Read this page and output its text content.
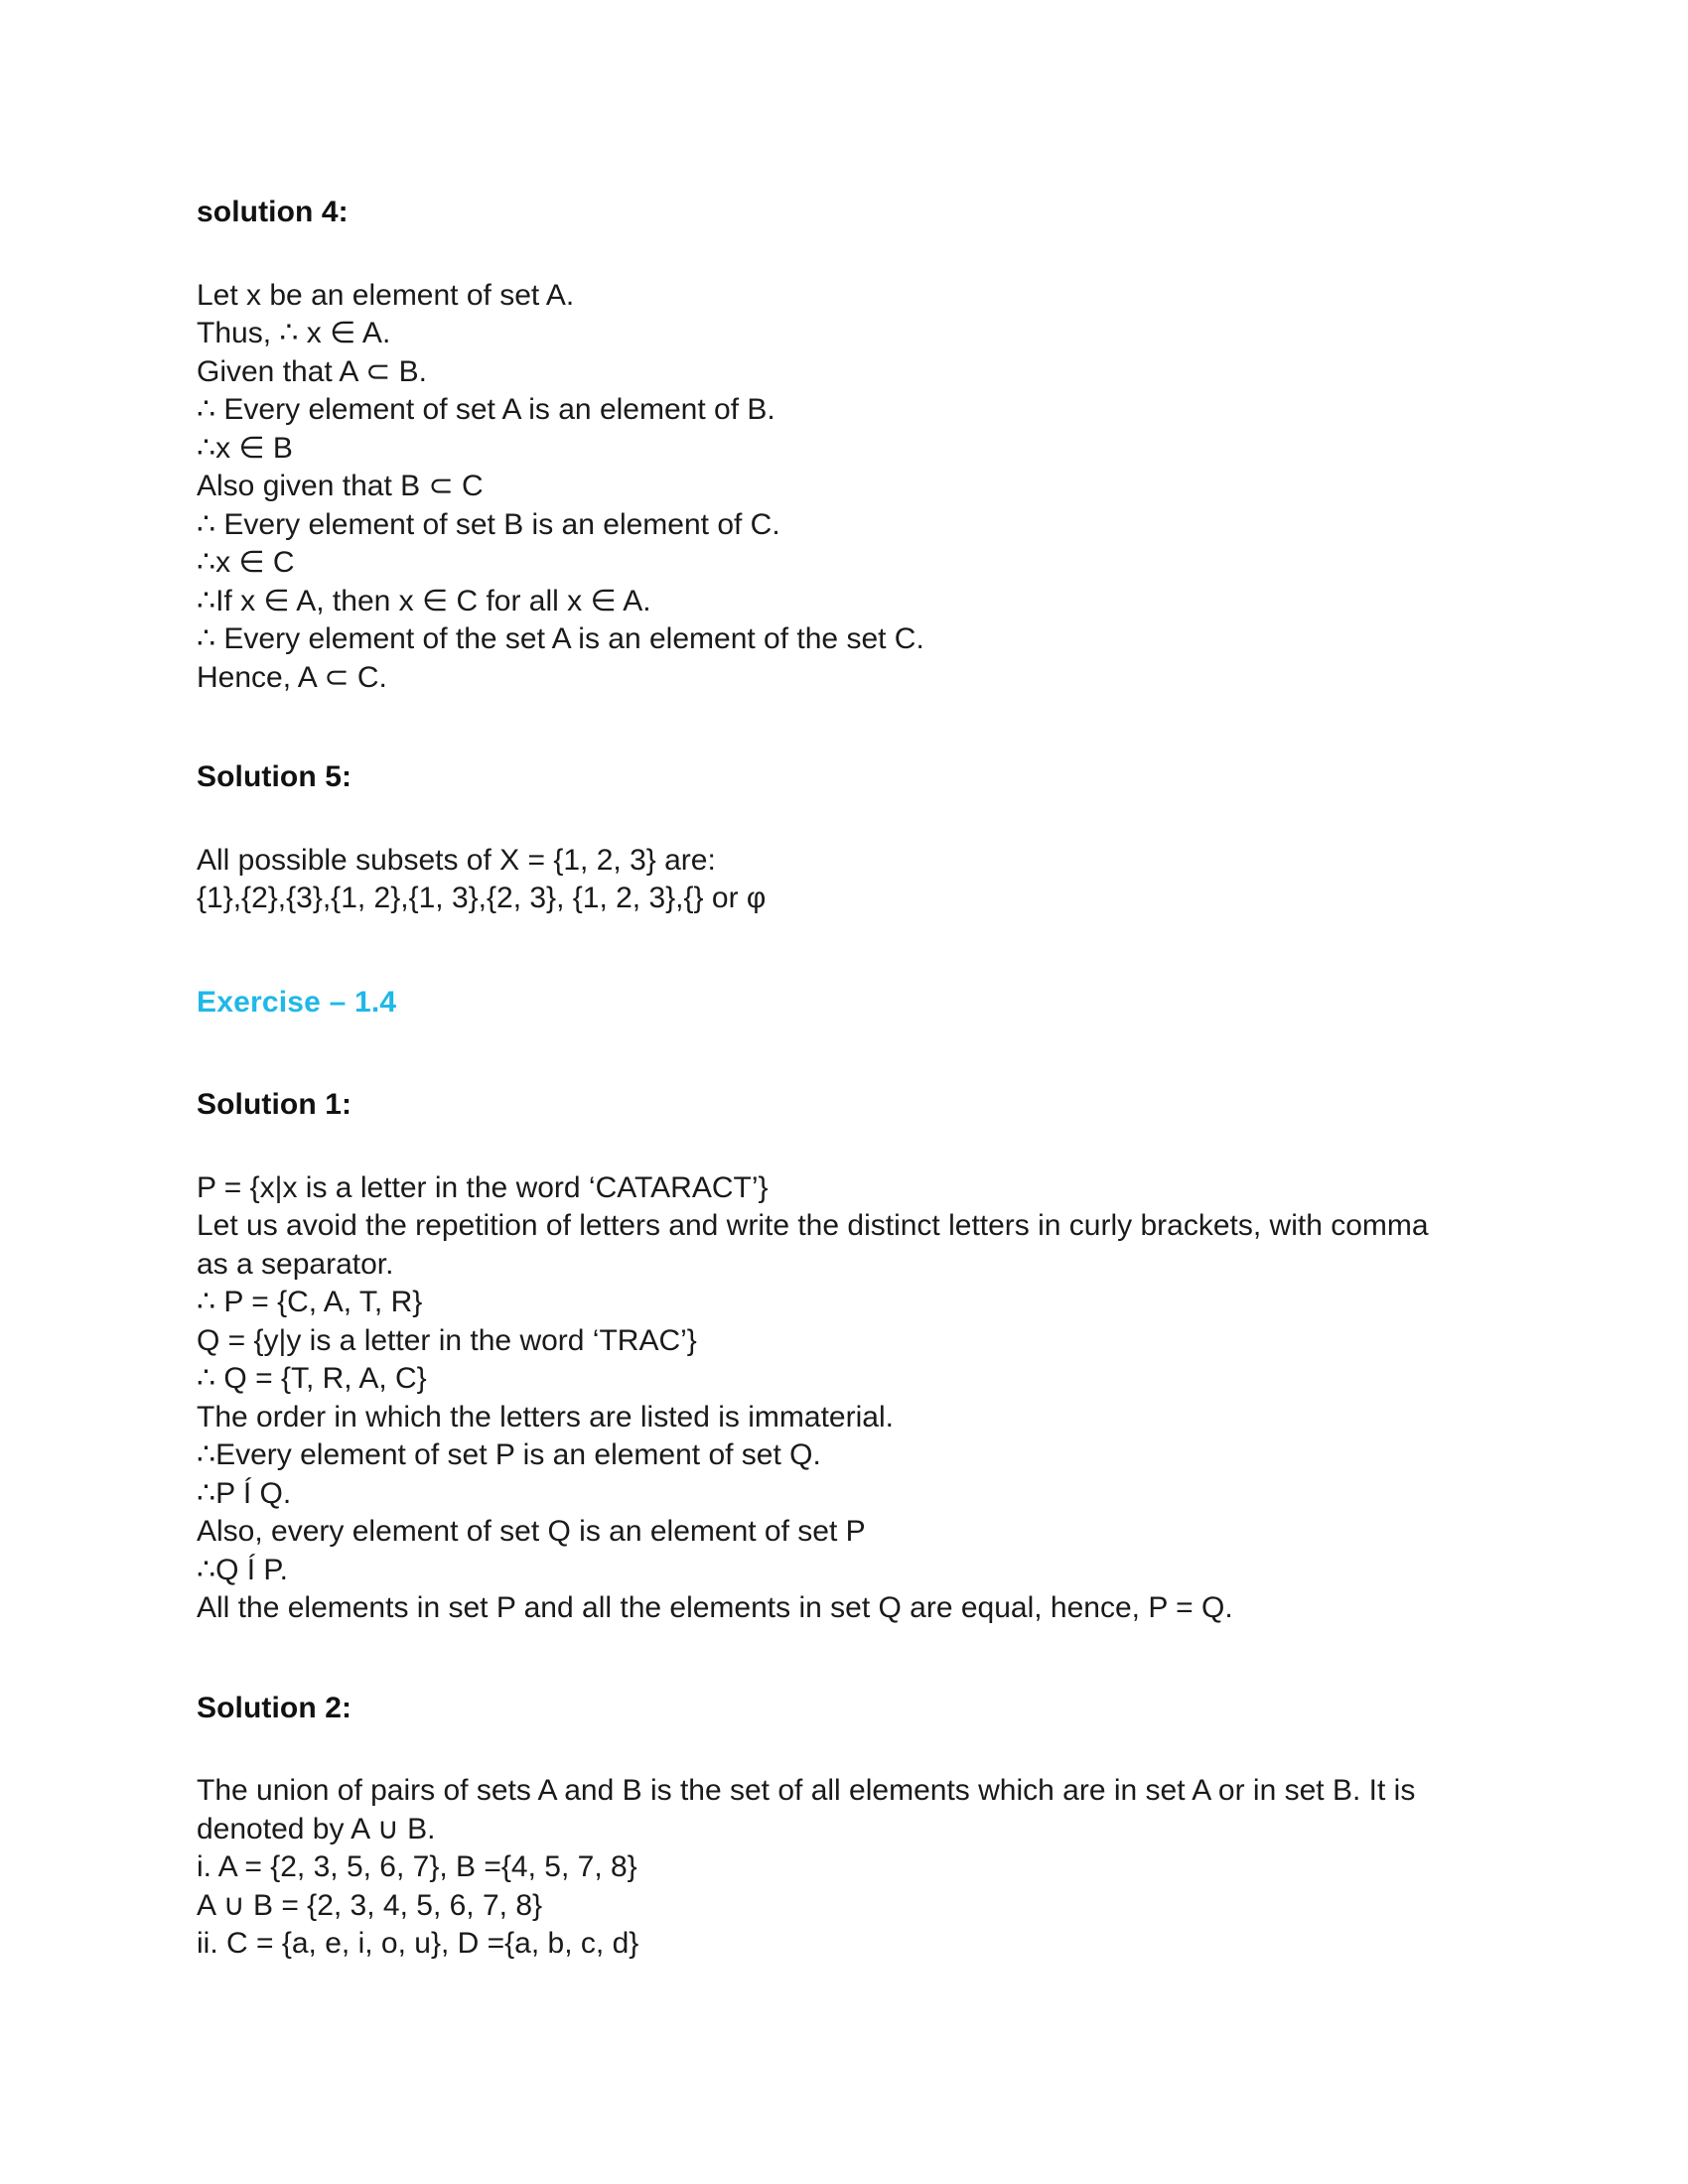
solution 4:

Let x be an element of set A.
Thus, ∴ x ∈ A.
Given that A ⊂ B.
∴ Every element of set A is an element of B.
∴x ∈ B
Also given that B ⊂ C
∴ Every element of set B is an element of C.
∴x ∈ C
∴If x ∈ A, then x ∈ C for all x ∈ A.
∴ Every element of the set A is an element of the set C.
Hence, A ⊂ C.

Solution 5:

All possible subsets of X = {1, 2, 3} are:
{1},{2},{3},{1, 2},{1, 3},{2, 3}, {1, 2, 3},{} or φ

Exercise – 1.4
Solution 1:

P = {x|x is a letter in the word ‘CATARACT’}
Let us avoid the repetition of letters and write the distinct letters in curly brackets, with comma as a separator.
∴ P = {C, A, T, R}
Q = {y|y is a letter in the word ‘TRAC’}
∴ Q = {T, R, A, C}
The order in which the letters are listed is immaterial.
∴Every element of set P is an element of set Q.
∴P Í Q.
Also, every element of set Q is an element of set P
∴Q Í P.
All the elements in set P and all the elements in set Q are equal, hence, P = Q.

Solution 2:

The union of pairs of sets A and B is the set of all elements which are in set A or in set B. It is denoted by A ∪ B.
i. A = {2, 3, 5, 6, 7}, B ={4, 5, 7, 8}
A ∪ B = {2, 3, 4, 5, 6, 7, 8}
ii. C = {a, e, i, o, u}, D ={a, b, c, d}
